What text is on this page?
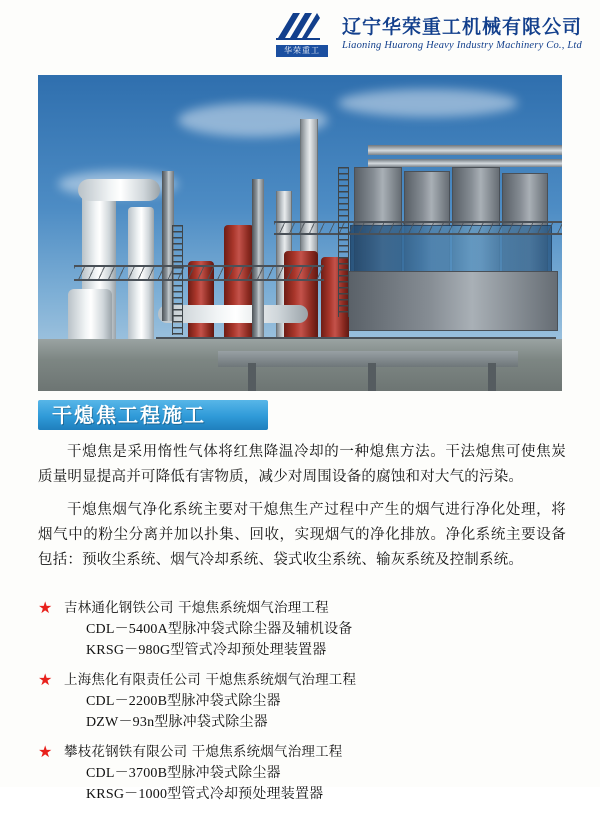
华荣重工
辽宁华荣重工机械有限公司
Liaoning Huarong Heavy Industry Machinery Co., Ltd
干熄焦工程施工

干熄焦是采用惰性气体将红焦降温冷却的一种熄焦方法。干法熄焦可使焦炭质量明显提高并可降低有害物质，减少对周围设备的腐蚀和对大气的污染。

干熄焦烟气净化系统主要对干熄焦生产过程中产生的烟气进行净化处理，将烟气中的粉尘分离并加以扑集、回收，实现烟气的净化排放。净化系统主要设备包括：预收尘系统、烟气冷却系统、袋式收尘系统、输灰系统及控制系统。

★ 吉林通化钢铁公司 干熄焦系统烟气治理工程
CDL－5400A型脉冲袋式除尘器及辅机设备
KRSG－980G型管式冷却预处理装置器
★ 上海焦化有限责任公司 干熄焦系统烟气治理工程
CDL－2200B型脉冲袋式除尘器
DZW－93n型脉冲袋式除尘器
★ 攀枝花钢铁有限公司 干熄焦系统烟气治理工程
CDL－3700B型脉冲袋式除尘器
KRSG－1000型管式冷却预处理装置器
